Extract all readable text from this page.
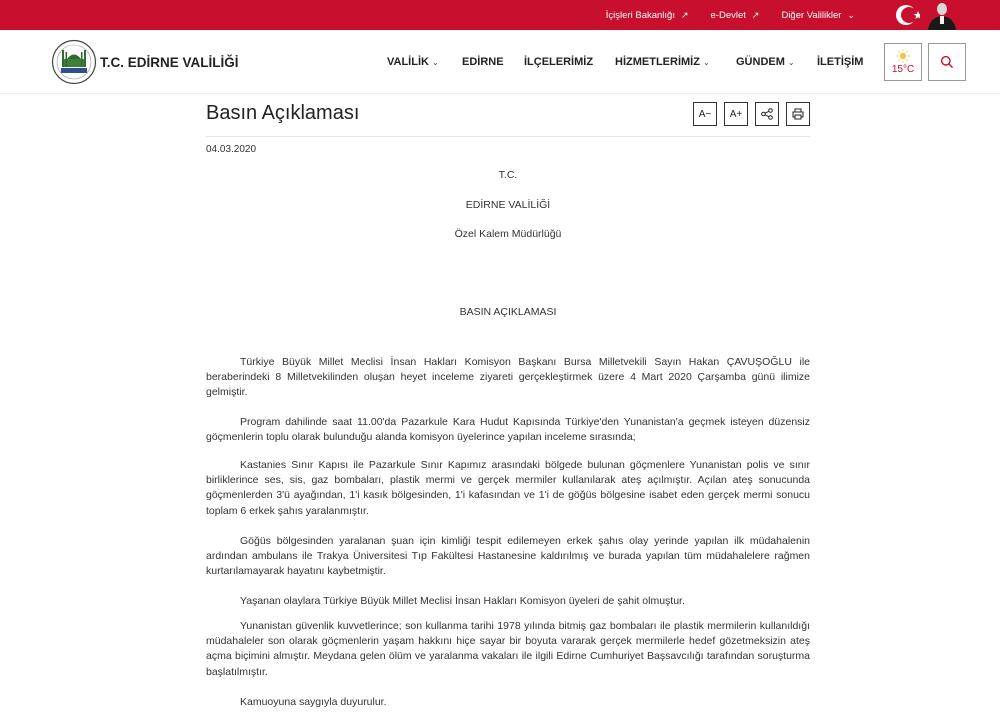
İçişleri Bakanlığı ↗ e-Devlet ↗ Diğer Valilikler ⌄
T.C. EDİRNE VALİLİĞİ	VALİLİK ⌄ EDİRNE İLÇELERİMİZ HİZMETLERİMİZ ⌄ GÜNDEM ⌄ İLETİŞİM
15°C
Basın Açıklaması	A− A+
04.03.2020
T.C.
EDİRNE VALİLİĞİ
Özel Kalem Müdürlüğü
BASIN AÇIKLAMASI

Türkiye Büyük Millet Meclisi İnsan Hakları Komisyon Başkanı Bursa Milletvekili Sayın Hakan ÇAVUŞOĞLU ile beraberindeki 8 Milletvekilinden oluşan heyet inceleme ziyareti gerçekleştirmek üzere 4 Mart 2020 Çarşamba günü ilimize gelmiştir.

Program dahilinde saat 11.00'da Pazarkule Kara Hudut Kapısında Türkiye'den Yunanistan'a geçmek isteyen düzensiz göçmenlerin toplu olarak bulunduğu alanda komisyon üyelerince yapılan inceleme sırasında;

Kastanies Sınır Kapısı ile Pazarkule Sınır Kapımız arasındaki bölgede bulunan göçmenlere Yunanistan polis ve sınır birliklerince ses, sis, gaz bombaları, plastik mermi ve gerçek mermiler kullanılarak ateş açılmıştır. Açılan ateş sonucunda göçmenlerden 3'ü ayağından, 1'i kasık bölgesinden, 1'i kafasından ve 1'i de göğüs bölgesine isabet eden gerçek mermi sonucu toplam 6 erkek şahıs yaralanmıştır.

Göğüs bölgesinden yaralanan şuan için kimliği tespit edilemeyen erkek şahıs olay yerinde yapılan ilk müdahalenin ardından ambulans ile Trakya Üniversitesi Tıp Fakültesi Hastanesine kaldırılmış ve burada yapılan tüm müdahalelere rağmen kurtarılamayarak hayatını kaybetmiştir.

Yaşanan olaylara Türkiye Büyük Millet Meclisi İnsan Hakları Komisyon üyeleri de şahit olmuştur.

Yunanistan güvenlik kuvvetlerince; son kullanma tarihi 1978 yılında bitmiş gaz bombaları ile plastik mermilerin kullanıldığı müdahaleler son olarak göçmenlerin yaşam hakkını hiçe sayar bir boyuta vararak gerçek mermilerle hedef gözetmeksizin ateş açma biçimini almıştır. Meydana gelen ölüm ve yaralanma vakaları ile ilgili Edirne Cumhuriyet Başsavcılığı tarafından soruşturma başlatılmıştır.

Kamuoyuna saygıyla duyurulur.
